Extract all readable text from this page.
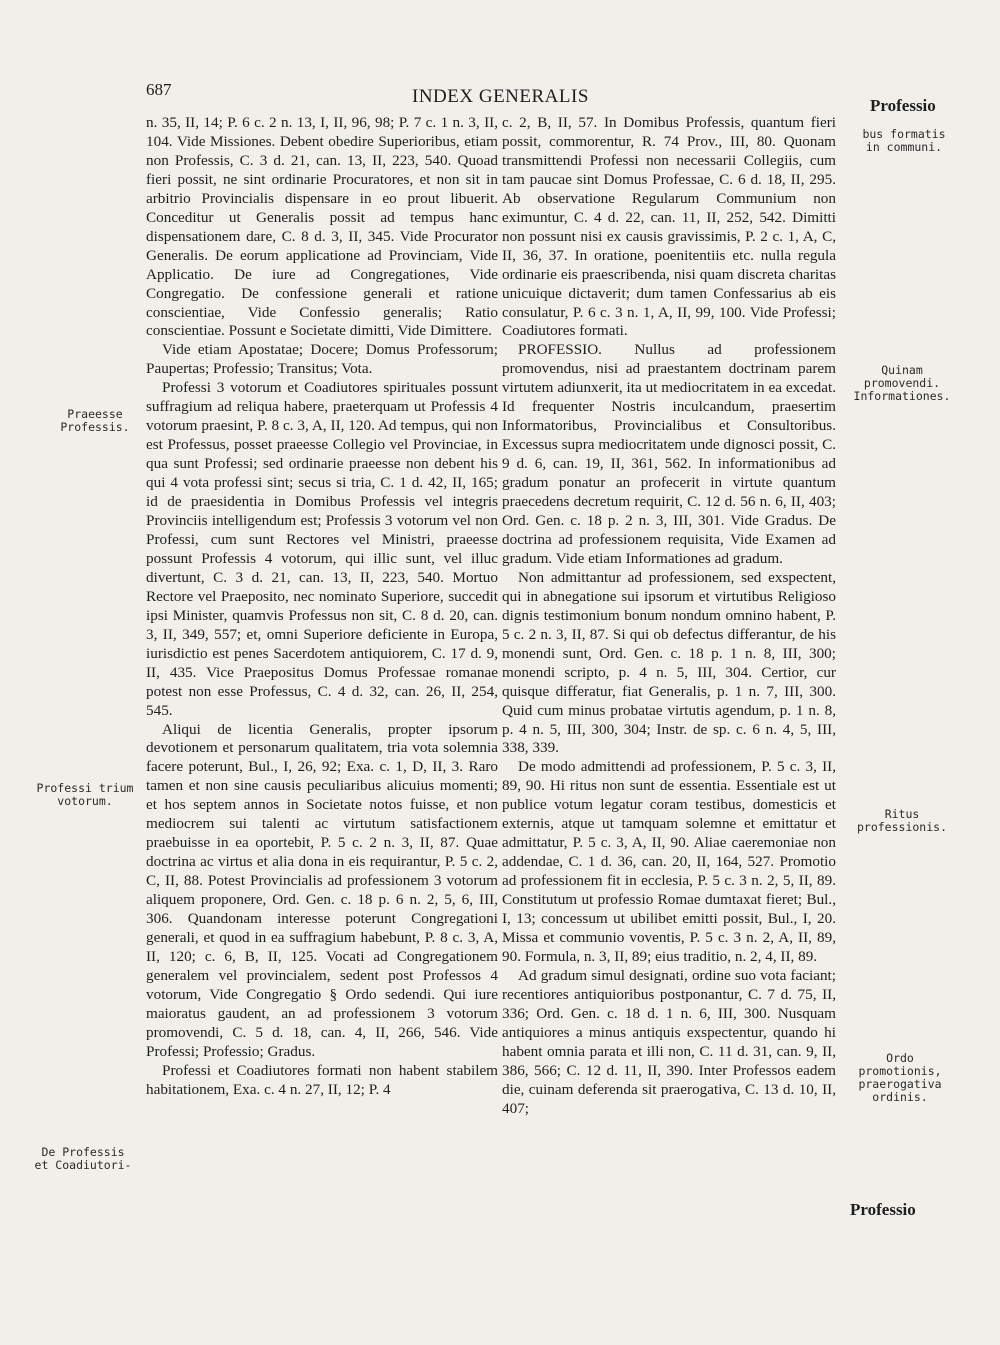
687	INDEX GENERALIS	Professio

n. 35, II, 14; P. 6 c. 2 n. 13, I, II, 96, 98; P. 7 c. 1 n. 3, II, 104. Vide Missiones. Debent obedire Superioribus, etiam non Professis, C. 3 d. 21, can. 13, II, 223, 540. Quoad fieri possit, ne sint ordinarie Procuratores, et non sit in arbitrio Provincialis dispensare in eo prout libuerit. Conceditur ut Generalis possit ad tempus hanc dispensationem dare, C. 8 d. 3, II, 345. Vide Procurator Generalis. De eorum applicatione ad Provinciam, Vide Applicatio. De iure ad Congregationes, Vide Congregatio. De confessione generali et ratione conscientiae, Vide Confessio generalis; Ratio conscientiae. Possunt e Societate dimitti, Vide Dimittere.

Vide etiam Apostatae; Docere; Domus Professorum; Paupertas; Professio; Transitus; Vota.

Professi 3 votorum et Coadiutores spirituales possunt suffragium ad reliqua habere, praeterquam ut Professis 4 votorum praesint, P. 8 c. 3, A, II, 120. Ad tempus, qui non est Professus, posset praeesse Collegio vel Provinciae, in qua sunt Professi; sed ordinarie praeesse non debent his qui 4 vota professi sint; secus si tria, C. 1 d. 42, II, 165; id de praesidentia in Domibus Professis vel integris Provinciis intelligendum est; Professis 3 votorum vel non Professi, cum sunt Rectores vel Ministri, praeesse possunt Professis 4 votorum, qui illic sunt, vel illuc divertunt, C. 3 d. 21, can. 13, II, 223, 540. Mortuo Rectore vel Praeposito, nec nominato Superiore, succedit ipsi Minister, quamvis Professus non sit, C. 8 d. 20, can. 3, II, 349, 557; et, omni Superiore deficiente in Europa, iurisdictio est penes Sacerdotem antiquiorem, C. 17 d. 9, II, 435. Vice Praepositus Domus Professae romanae potest non esse Professus, C. 4 d. 32, can. 26, II, 254, 545.

Aliqui de licentia Generalis, propter ipsorum devotionem et personarum qualitatem, tria vota solemnia facere poterunt, Bul., I, 26, 92; Exa. c. 1, D, II, 3. Raro tamen et non sine causis peculiaribus alicuius momenti; et hos septem annos in Societate notos fuisse, et non mediocrem sui talenti ac virtutum satisfactionem praebuisse in ea oportebit, P. 5 c. 2 n. 3, II, 87. Quae doctrina ac virtus et alia dona in eis requirantur, P. 5 c. 2, C, II, 88. Potest Provincialis ad professionem 3 votorum aliquem proponere, Ord. Gen. c. 18 p. 6 n. 2, 5, 6, III, 306. Quandonam interesse poterunt Congregationi generali, et quod in ea suffragium habebunt, P. 8 c. 3, A, II, 120; c. 6, B, II, 125. Vocati ad Congregationem generalem vel provincialem, sedent post Professos 4 votorum, Vide Congregatio § Ordo sedendi. Qui iure maioratus gaudent, an ad professionem 3 votorum promovendi, C. 5 d. 18, can. 4, II, 266, 546. Vide Professi; Professio; Gradus.

Professi et Coadiutores formati non habent stabilem habitationem, Exa. c. 4 n. 27, II, 12; P. 4

c. 2, B, II, 57. In Domibus Professis, quantum fieri possit, commorentur, R. 74 Prov., III, 80. Quonam transmittendi Professi non necessarii Collegiis, cum tam paucae sint Domus Professae, C. 6 d. 18, II, 295. Ab observatione Regularum Communium non eximuntur, C. 4 d. 22, can. 11, II, 252, 542. Dimitti non possunt nisi ex causis gravissimis, P. 2 c. 1, A, C, II, 36, 37. In oratione, poenitentiis etc. nulla regula ordinarie eis praescribenda, nisi quam discreta charitas unicuique dictaverit; dum tamen Confessarius ab eis consulatur, P. 6 c. 3 n. 1, A, II, 99, 100. Vide Professi; Coadiutores formati.

PROFESSIO. Nullus ad professionem promovendus, nisi ad praestantem doctrinam parem virtutem adiunxerit, ita ut mediocritatem in ea excedat. Id frequenter Nostris inculcandum, praesertim Informatoribus, Provincialibus et Consultoribus. Excessus supra mediocritatem unde dignosci possit, C. 9 d. 6, can. 19, II, 361, 562. In informationibus ad gradum ponatur an profecerit in virtute quantum praecedens decretum requirit, C. 12 d. 56 n. 6, II, 403; Ord. Gen. c. 18 p. 2 n. 3, III, 301. Vide Gradus. De doctrina ad professionem requisita, Vide Examen ad gradum. Vide etiam Informationes ad gradum.

Non admittantur ad professionem, sed exspectent, qui in abnegatione sui ipsorum et virtutibus Religioso dignis testimonium bonum nondum omnino habent, P. 5 c. 2 n. 3, II, 87. Si qui ob defectus differantur, de his monendi sunt, Ord. Gen. c. 18 p. 1 n. 8, III, 300; monendi scripto, p. 4 n. 5, III, 304. Certior, cur quisque differatur, fiat Generalis, p. 1 n. 7, III, 300. Quid cum minus probatae virtutis agendum, p. 1 n. 8, p. 4 n. 5, III, 300, 304; Instr. de sp. c. 6 n. 4, 5, III, 338, 339.

De modo admittendi ad professionem, P. 5 c. 3, II, 89, 90. Hi ritus non sunt de essentia. Essentiale est ut publice votum legatur coram testibus, domesticis et externis, atque ut tamquam solemne et emittatur et admittatur, P. 5 c. 3, A, II, 90. Aliae caeremoniae non addendae, C. 1 d. 36, can. 20, II, 164, 527. Promotio ad professionem fit in ecclesia, P. 5 c. 3 n. 2, 5, II, 89. Constitutum ut professio Romae dumtaxat fieret; Bul., I, 13; concessum ut ubilibet emitti possit, Bul., I, 20. Missa et communio voventis, P. 5 c. 3 n. 2, A, II, 89, 90. Formula, n. 3, II, 89; eius traditio, n. 2, 4, II, 89.

Ad gradum simul designati, ordine suo vota faciant; recentiores antiquioribus postponantur, C. 7 d. 75, II, 336; Ord. Gen. c. 18 d. 1 n. 6, III, 300. Nusquam antiquiores a minus antiquis exspectentur, quando hi habent omnia parata et illi non, C. 11 d. 31, can. 9, II, 386, 566; C. 12 d. 11, II, 390. Inter Professos eadem die, cuinam deferenda sit praerogativa, C. 13 d. 10, II, 407;

Praeesse
Professis.
Professi trium
votorum.
De Professis
et Coadiutori-
bus formatis
in communi.
Quinam
promovendi.
Informationes.
Ritus
professionis.
Ordo
promotionis,
praerogativa
ordinis.
Professio
